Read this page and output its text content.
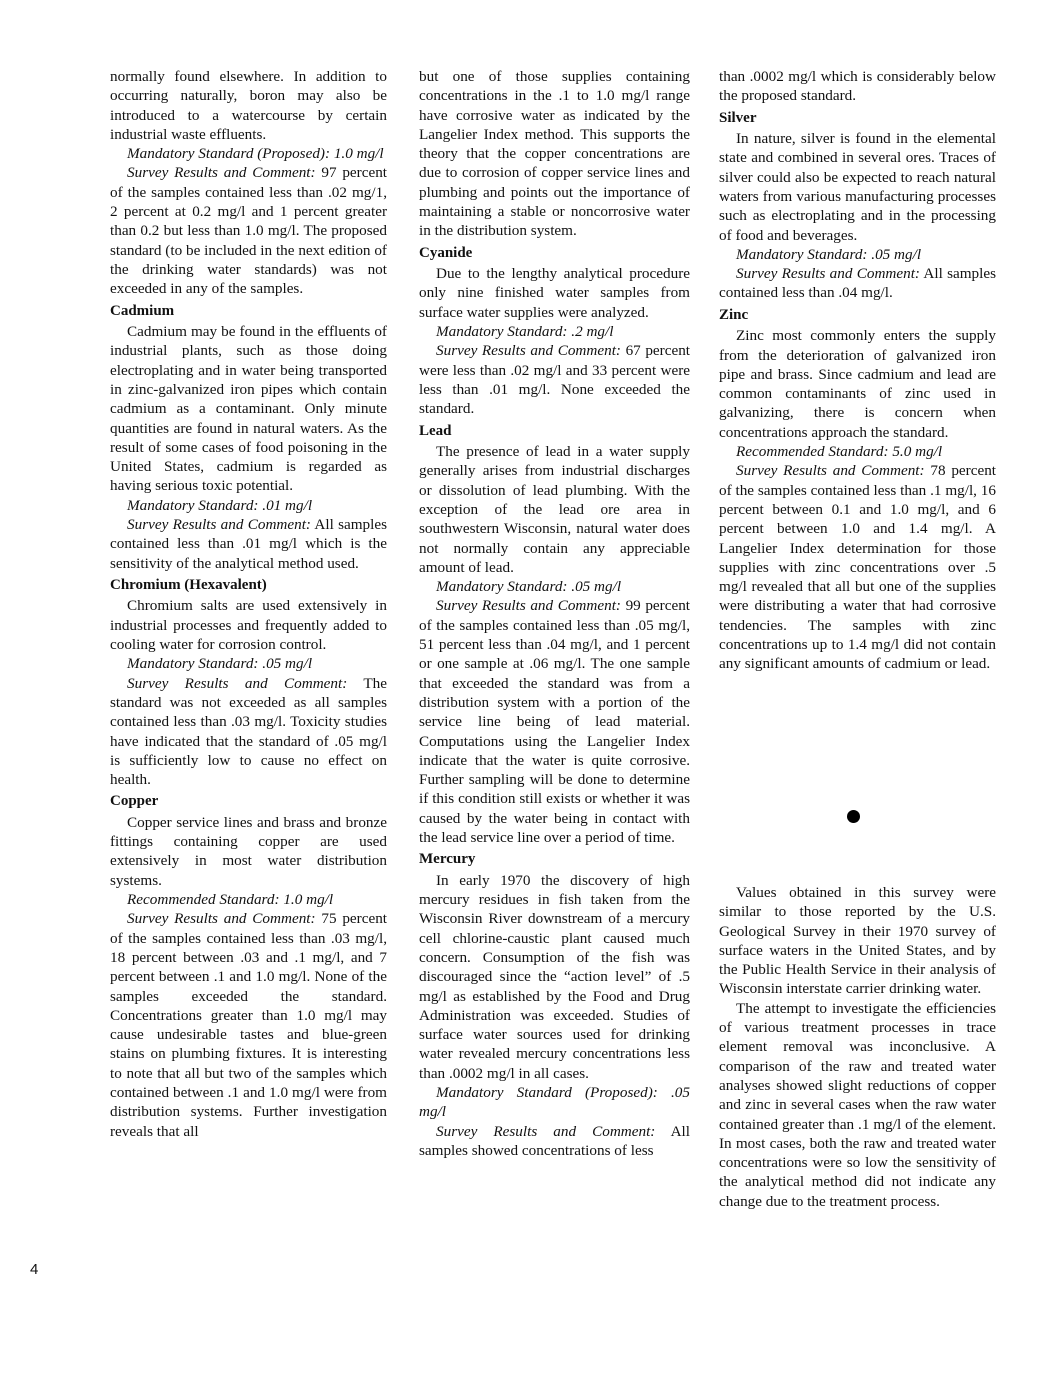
normally found elsewhere. In addition to occurring naturally, boron may also be introduced to a watercourse by certain industrial waste effluents.

Mandatory Standard (Proposed): 1.0 mg/l

Survey Results and Comment: 97 percent of the samples contained less than .02 mg/1, 2 percent at 0.2 mg/l and 1 percent greater than 0.2 but less than 1.0 mg/l. The proposed standard (to be included in the next edition of the drinking water standards) was not exceeded in any of the samples.

Cadmium

Cadmium may be found in the effluents of industrial plants, such as those doing electroplating and in water being transported in zinc-galvanized iron pipes which contain cadmium as a contaminant. Only minute quantities are found in natural waters. As the result of some cases of food poisoning in the United States, cadmium is regarded as having serious toxic potential.

Mandatory Standard: .01 mg/l

Survey Results and Comment: All samples contained less than .01 mg/l which is the sensitivity of the analytical method used.

Chromium (Hexavalent)

Chromium salts are used extensively in industrial processes and frequently added to cooling water for corrosion control.

Mandatory Standard: .05 mg/l

Survey Results and Comment: The standard was not exceeded as all samples contained less than .03 mg/l. Toxicity studies have indicated that the standard of .05 mg/l is sufficiently low to cause no effect on health.

Copper

Copper service lines and brass and bronze fittings containing copper are used extensively in most water distribution systems.

Recommended Standard: 1.0 mg/l

Survey Results and Comment: 75 percent of the samples contained less than .03 mg/l, 18 percent between .03 and .1 mg/l, and 7 percent between .1 and 1.0 mg/l. None of the samples exceeded the standard. Concentrations greater than 1.0 mg/l may cause undesirable tastes and blue-green stains on plumbing fixtures. It is interesting to note that all but two of the samples which contained between .1 and 1.0 mg/l were from distribution systems. Further investigation reveals that all

but one of those supplies containing concentrations in the .1 to 1.0 mg/l range have corrosive water as indicated by the Langelier Index method. This supports the theory that the copper concentrations are due to corrosion of copper service lines and plumbing and points out the importance of maintaining a stable or noncorrosive water in the distribution system.

Cyanide

Due to the lengthy analytical procedure only nine finished water samples from surface water supplies were analyzed.

Mandatory Standard: .2 mg/l

Survey Results and Comment: 67 percent were less than .02 mg/l and 33 percent were less than .01 mg/l. None exceeded the standard.

Lead

The presence of lead in a water supply generally arises from industrial discharges or dissolution of lead plumbing. With the exception of the lead ore area in southwestern Wisconsin, natural water does not normally contain any appreciable amount of lead.

Mandatory Standard: .05 mg/l

Survey Results and Comment: 99 percent of the samples contained less than .05 mg/l, 51 percent less than .04 mg/l, and 1 percent or one sample at .06 mg/l. The one sample that exceeded the standard was from a distribution system with a portion of the service line being of lead material. Computations using the Langelier Index indicate that the water is quite corrosive. Further sampling will be done to determine if this condition still exists or whether it was caused by the water being in contact with the lead service line over a period of time.

Mercury

In early 1970 the discovery of high mercury residues in fish taken from the Wisconsin River downstream of a mercury cell chlorine-caustic plant caused much concern. Consumption of the fish was discouraged since the “action level” of .5 mg/l as established by the Food and Drug Administration was exceeded. Studies of surface water sources used for drinking water revealed mercury concentrations less than .0002 mg/l in all cases.

Mandatory Standard (Proposed): .05 mg/l

Survey Results and Comment: All samples showed concentrations of less

than .0002 mg/l which is considerably below the proposed standard.

Silver

In nature, silver is found in the elemental state and combined in several ores. Traces of silver could also be expected to reach natural waters from various manufacturing processes such as electroplating and in the processing of food and beverages.

Mandatory Standard: .05 mg/l

Survey Results and Comment: All samples contained less than .04 mg/l.

Zinc

Zinc most commonly enters the supply from the deterioration of galvanized iron pipe and brass. Since cadmium and lead are common contaminants of zinc used in galvanizing, there is concern when concentrations approach the standard.

Recommended Standard: 5.0 mg/l

Survey Results and Comment: 78 percent of the samples contained less than .1 mg/l, 16 percent between 0.1 and 1.0 mg/l, and 6 percent between 1.0 and 1.4 mg/l. A Langelier Index determination for those supplies with zinc concentrations over .5 mg/l revealed that all but one of the supplies were distributing a water that had corrosive tendencies. The samples with zinc concentrations up to 1.4 mg/l did not contain any significant amounts of cadmium or lead.

Values obtained in this survey were similar to those reported by the U.S. Geological Survey in their 1970 survey of surface waters in the United States, and by the Public Health Service in their analysis of Wisconsin interstate carrier drinking water.

The attempt to investigate the efficiencies of various treatment processes in trace element removal was inconclusive. A comparison of the raw and treated water analyses showed slight reductions of copper and zinc in several cases when the raw water contained greater than .1 mg/l of the element. In most cases, both the raw and treated water concentrations were so low the sensitivity of the analytical method did not indicate any change due to the treatment process.

4
